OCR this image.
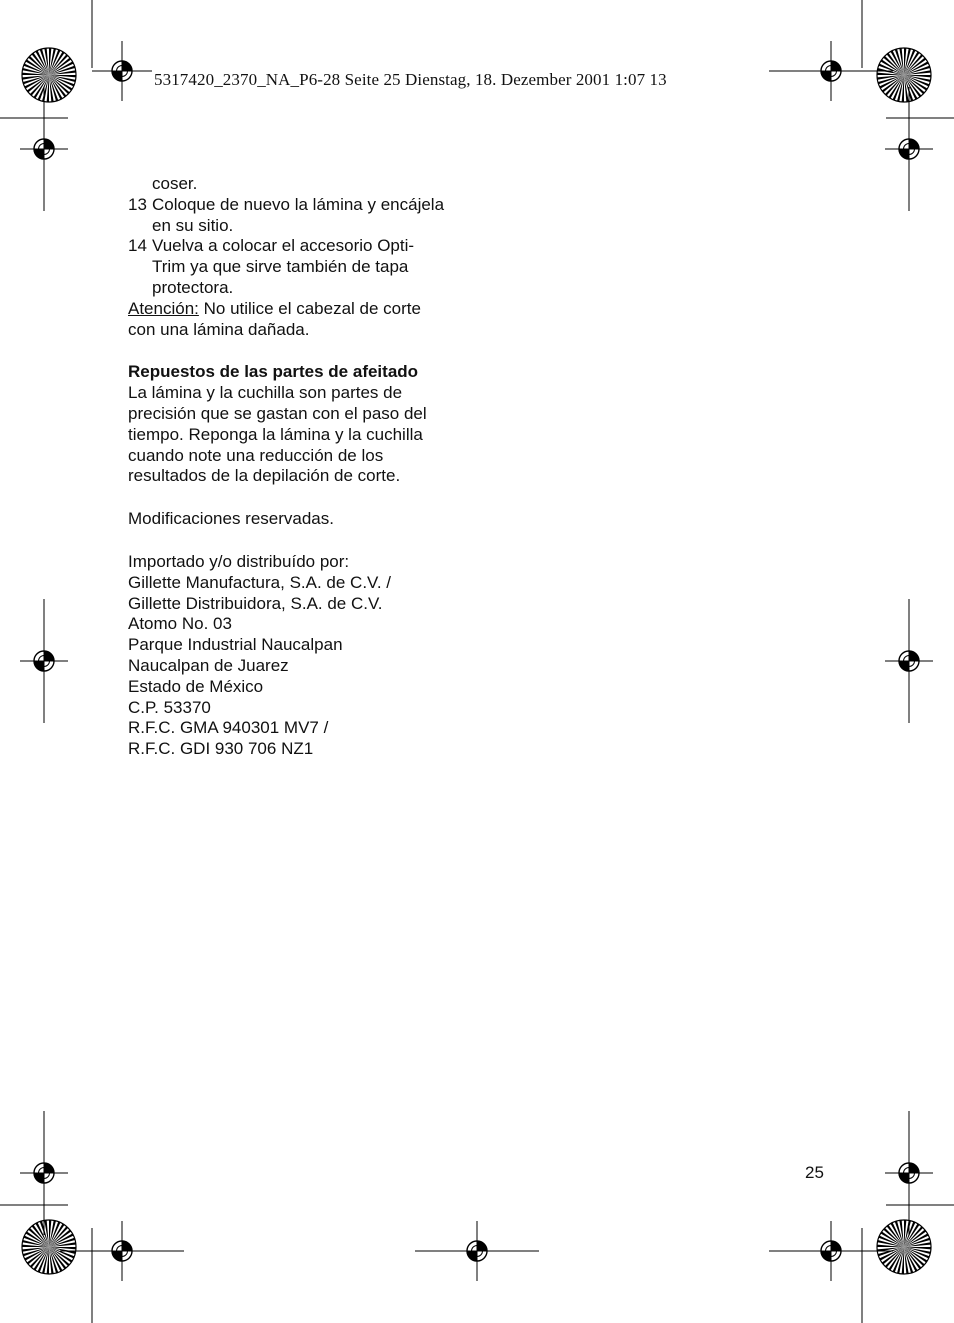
5317420_2370_NA_P6-28 Seite 25 Dienstag, 18. Dezember 2001 1:07 13
coser.
13 Coloque de nuevo la lámina y encájela
en su sitio.
14 Vuelva a colocar el accesorio Opti-
Trim ya que sirve también de tapa
protectora.
Atención: No utilice el cabezal de corte
con una lámina dañada.
Repuestos de las partes de afeitado
La lámina y la cuchilla son partes de
precisión que se gastan con el paso del
tiempo. Reponga la lámina y la cuchilla
cuando note una reducción de los
resultados de la depilación de corte.
Modificaciones reservadas.
Importado y/o distribuído por:
Gillette Manufactura, S.A. de C.V. /
Gillette Distribuidora, S.A. de C.V.
Atomo No. 03
Parque Industrial Naucalpan
Naucalpan de Juarez
Estado de México
C.P. 53370
R.F.C. GMA 940301 MV7 /
R.F.C. GDI 930 706 NZ1
25
